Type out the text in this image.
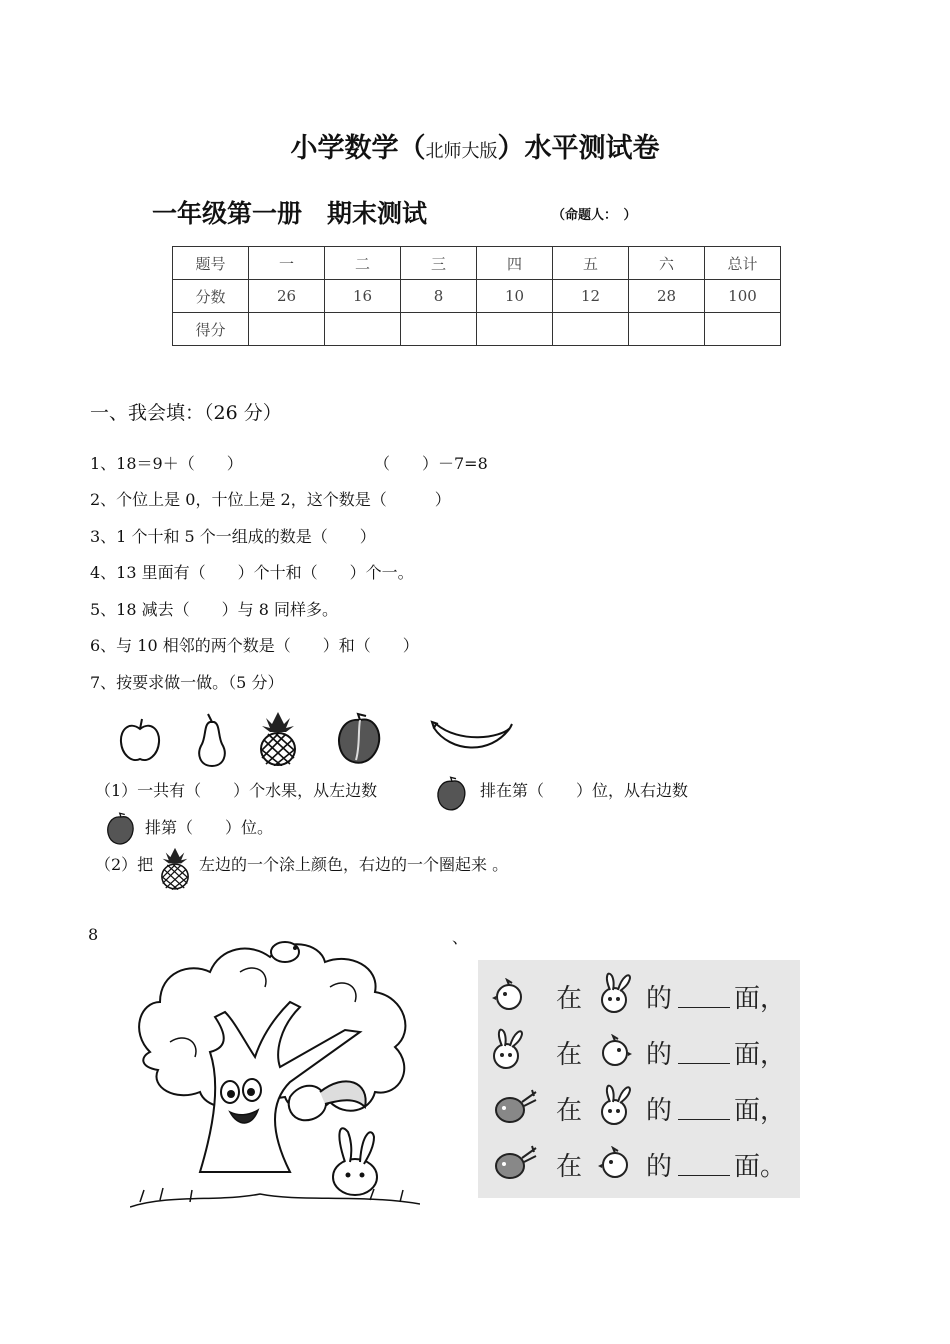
小学数学（北师大版）水平测试卷
一年级第一册　期末测试	（命题人：　）
题号	一	二	三	四	五	六	总计
分数	26	16	8	10	12	28	100
得分							
一、我会填：（26 分）
1、18＝9＋（　　）	（　　）－7=8
2、个位上是 0，十位上是 2，这个数是（　　　）
3、1 个十和 5 个一组成的数是（　　）
4、13 里面有（　　）个十和（　　）个一。
5、18 减去（　　）与 8 同样多。
6、与 10 相邻的两个数是（　　）和（　　）
7、按要求做一做。（5 分）
（1）一共有（　　）个水果，从左边数	排在第（　　）位，从右边数
排第（　　）位。
（2）把	左边的一个涂上颜色，右边的一个圈起来 。
8	、
在 的 面，
在 的 面，
在 的 面，
在 的 面。
